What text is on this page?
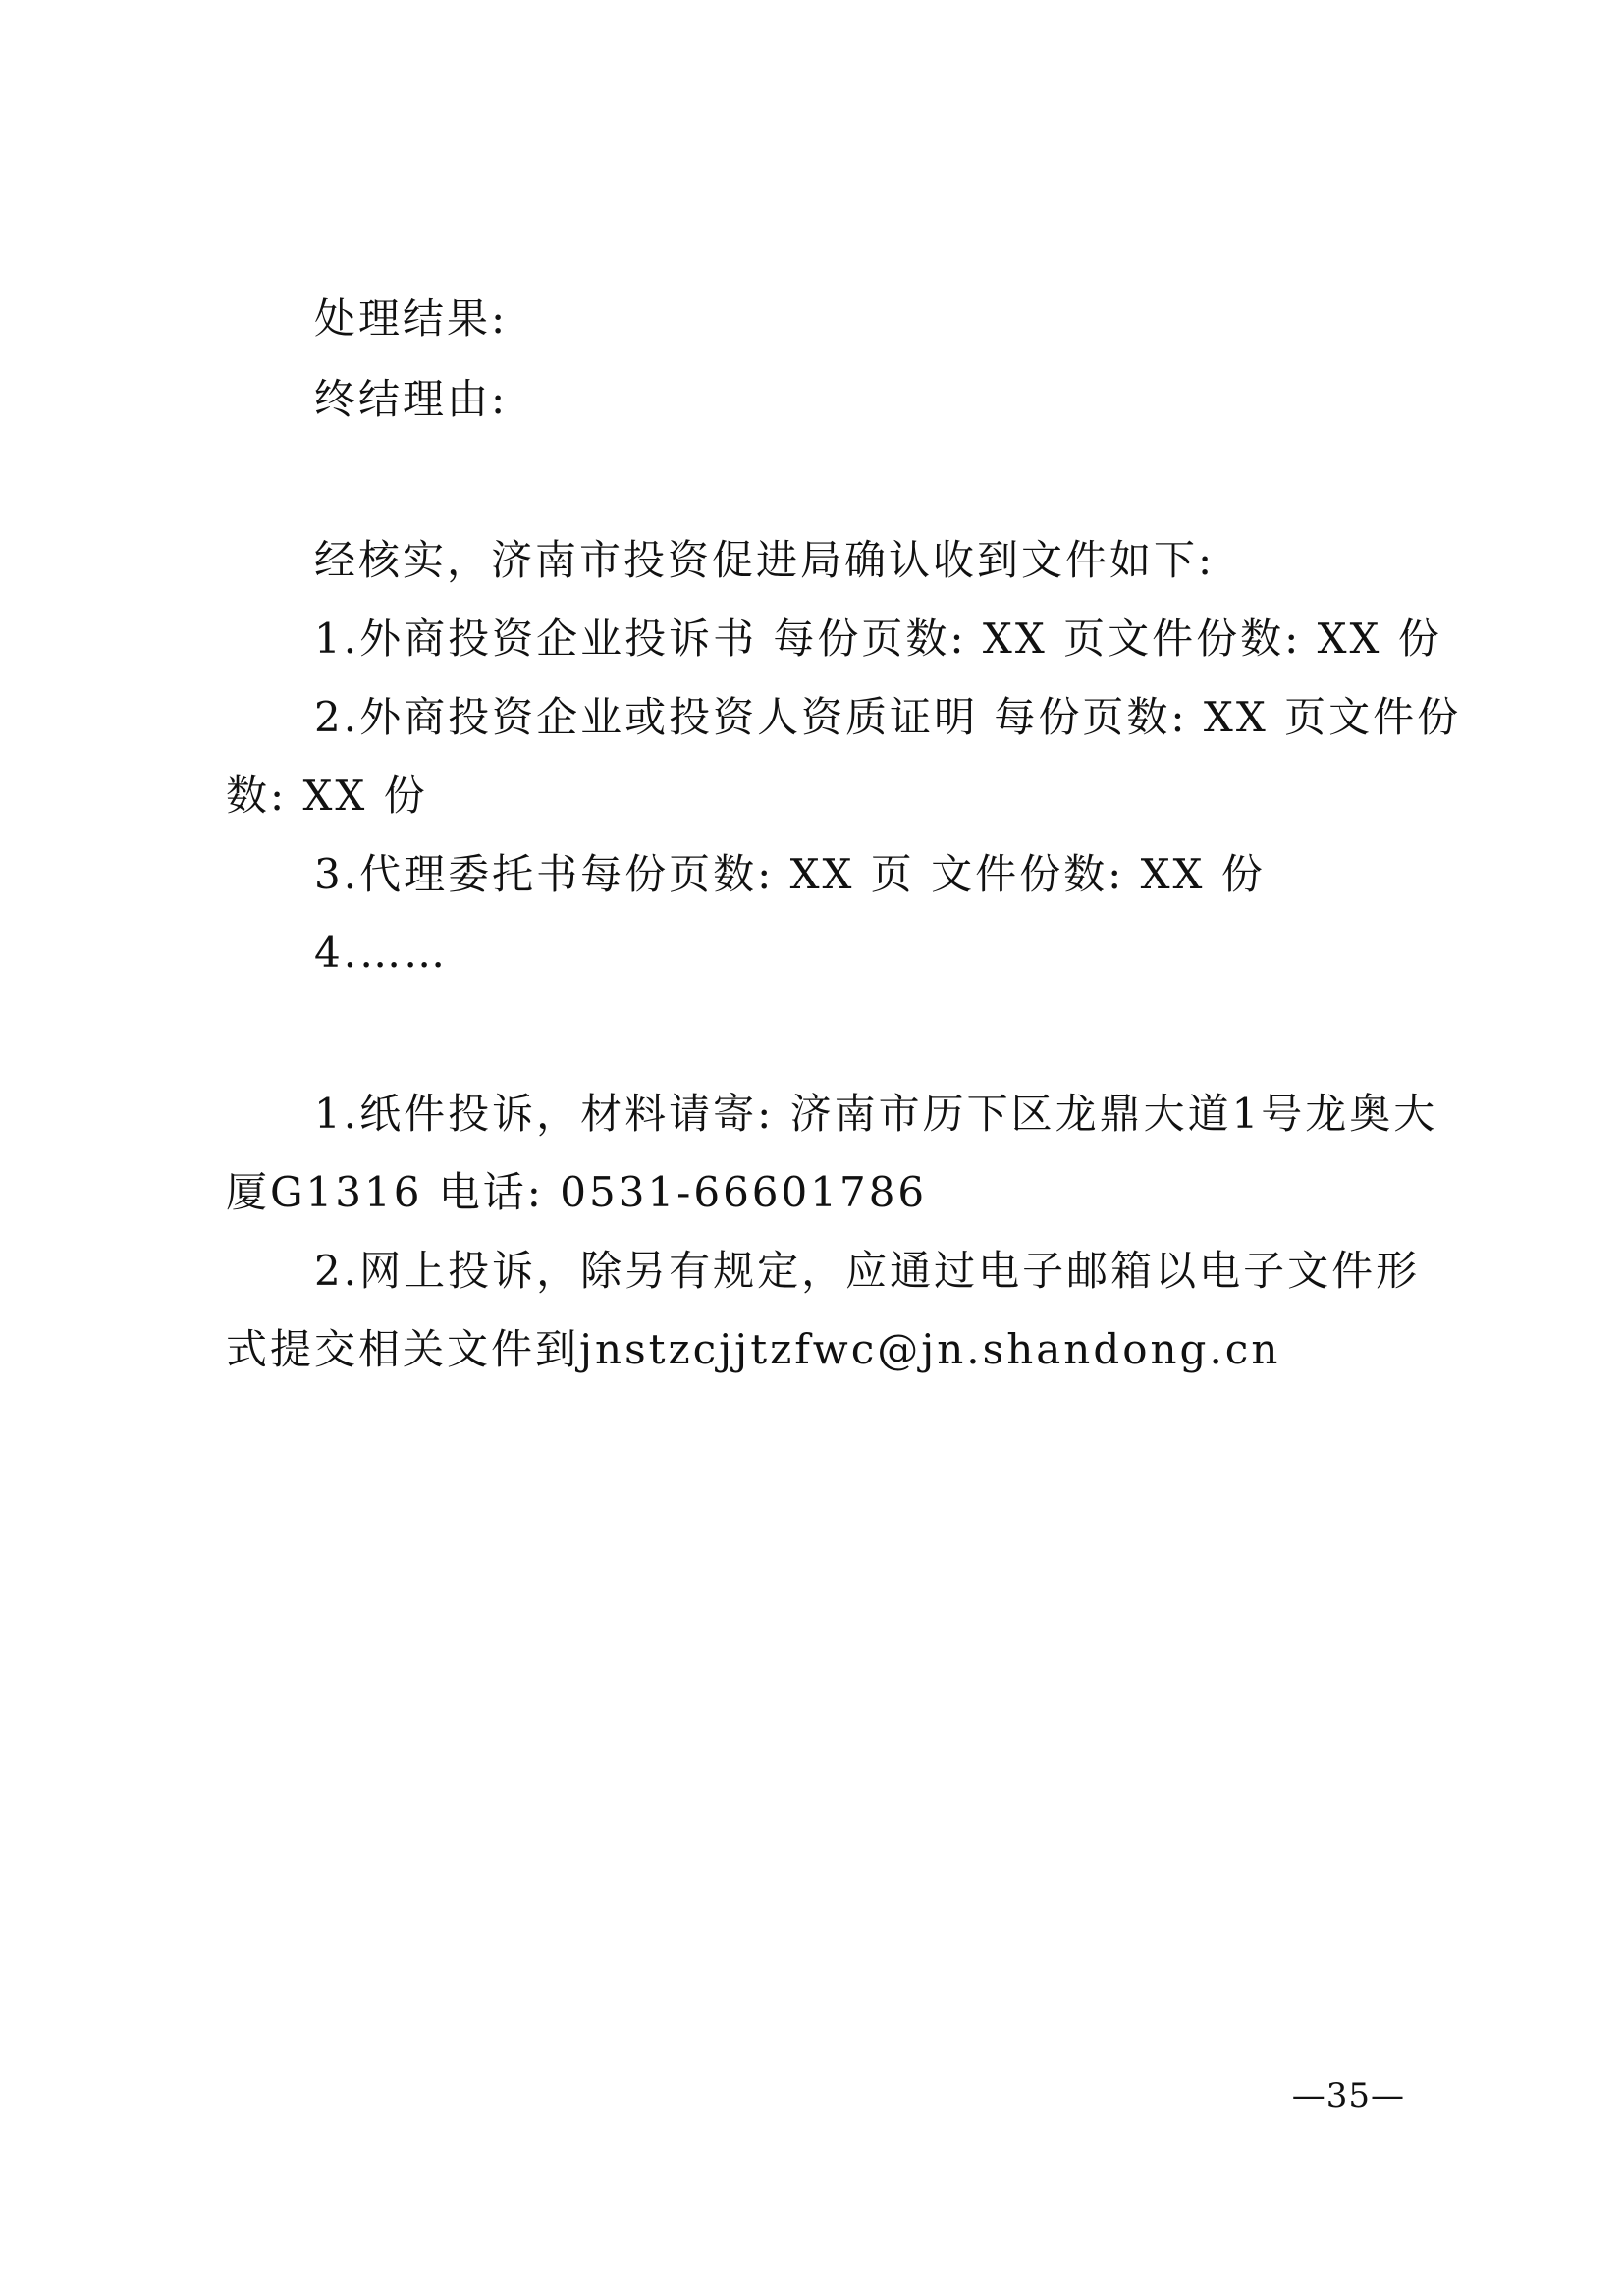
处理结果:
终结理由:
经核实，济南市投资促进局确认收到文件如下:
1.外商投资企业投诉书 每份页数: XX 页文件份数: XX 份
2.外商投资企业或投资人资质证明 每份页数: XX 页文件份
数: XX 份
3.代理委托书每份页数: XX 页 文件份数: XX 份
4.……
1.纸件投诉，材料请寄: 济南市历下区龙鼎大道1号龙奥大
厦G1316 电话: 0531-66601786
2.网上投诉，除另有规定，应通过电子邮箱以电子文件形
式提交相关文件到jnstzcjjtzfwc@jn.shandong.cn
—35—
